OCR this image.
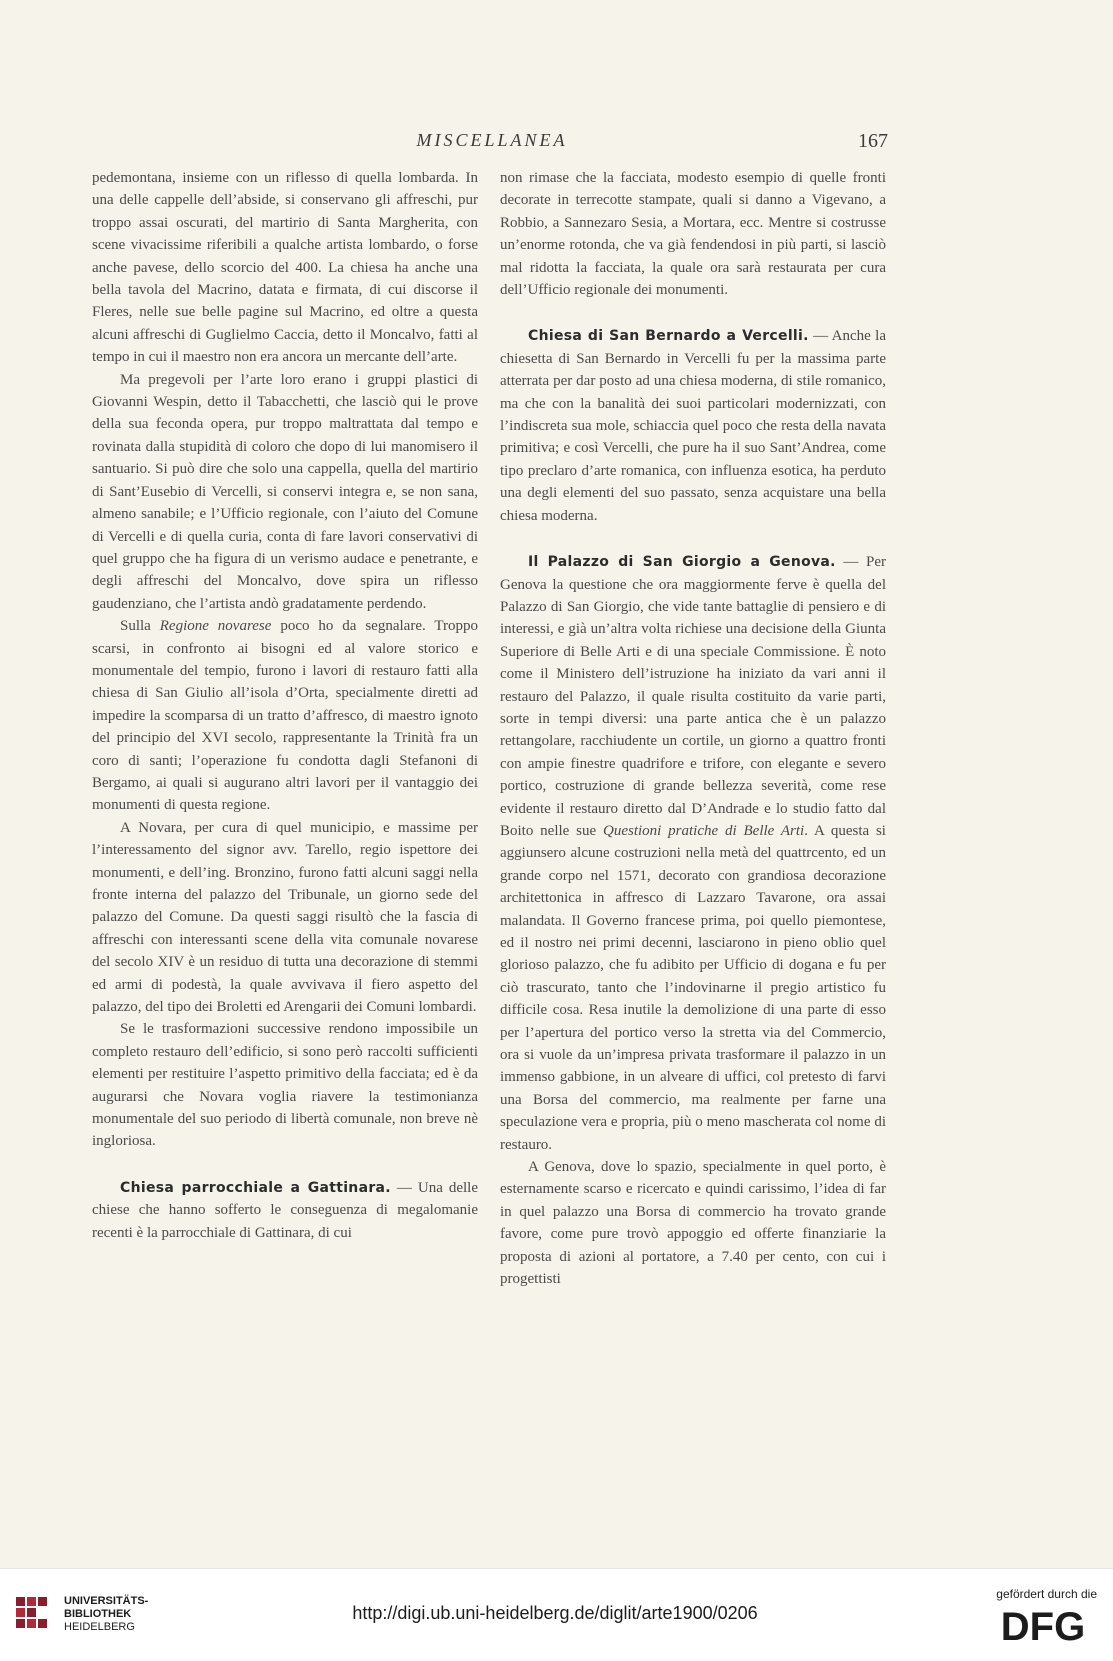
MISCELLANEA	167

pedemontana, insieme con un riflesso di quella lombarda. In una delle cappelle dell’abside, si conservano gli affreschi, pur troppo assai oscurati, del martirio di Santa Margherita, con scene vivacissime riferibili a qualche artista lombardo, o forse anche pavese, dello scorcio del 400. La chiesa ha anche una bella tavola del Macrino, datata e firmata, di cui discorse il Fleres, nelle sue belle pagine sul Macrino, ed oltre a questa alcuni affreschi di Guglielmo Caccia, detto il Moncalvo, fatti al tempo in cui il maestro non era ancora un mercante dell’arte.

Ma pregevoli per l’arte loro erano i gruppi plastici di Giovanni Wespin, detto il Tabacchetti, che lasciò qui le prove della sua feconda opera, pur troppo maltrattata dal tempo e rovinata dalla stupidità di coloro che dopo di lui manomisero il santuario. Si può dire che solo una cappella, quella del martirio di Sant’Eusebio di Vercelli, si conservi integra e, se non sana, almeno sanabile; e l’Ufficio regionale, con l’aiuto del Comune di Vercelli e di quella curia, conta di fare lavori conservativi di quel gruppo che ha figura di un verismo audace e penetrante, e degli affreschi del Moncalvo, dove spira un riflesso gaudenziano, che l’artista andò gradatamente perdendo.

Sulla Regione novarese poco ho da segnalare. Troppo scarsi, in confronto ai bisogni ed al valore storico e monumentale del tempio, furono i lavori di restauro fatti alla chiesa di San Giulio all’isola d’Orta, specialmente diretti ad impedire la scomparsa di un tratto d’affresco, di maestro ignoto del principio del XVI secolo, rappresentante la Trinità fra un coro di santi; l’operazione fu condotta dagli Stefanoni di Bergamo, ai quali si augurano altri lavori per il vantaggio dei monumenti di questa regione.

A Novara, per cura di quel municipio, e massime per l’interessamento del signor avv. Tarello, regio ispettore dei monumenti, e dell’ing. Bronzino, furono fatti alcuni saggi nella fronte interna del palazzo del Tribunale, un giorno sede del palazzo del Comune. Da questi saggi risultò che la fascia di affreschi con interessanti scene della vita comunale novarese del secolo XIV è un residuo di tutta una decorazione di stemmi ed armi di podestà, la quale avvivava il fiero aspetto del palazzo, del tipo dei Broletti ed Arengarii dei Comuni lombardi.

Se le trasformazioni successive rendono impossibile un completo restauro dell’edificio, si sono però raccolti sufficienti elementi per restituire l’aspetto primitivo della facciata; ed è da augurarsi che Novara voglia riavere la testimonianza monumentale del suo periodo di libertà comunale, non breve nè ingloriosa.

Chiesa parrocchiale a Gattinara. — Una delle chiese che hanno sofferto le conseguenza di megalomanie recenti è la parrocchiale di Gattinara, di cui

non rimase che la facciata, modesto esempio di quelle fronti decorate in terrecotte stampate, quali si danno a Vigevano, a Robbio, a Sannezaro Sesia, a Mortara, ecc. Mentre si costrusse un’enorme rotonda, che va già fendendosi in più parti, si lasciò mal ridotta la facciata, la quale ora sarà restaurata per cura dell’Ufficio regionale dei monumenti.

Chiesa di San Bernardo a Vercelli. — Anche la chiesetta di San Bernardo in Vercelli fu per la massima parte atterrata per dar posto ad una chiesa moderna, di stile romanico, ma che con la banalità dei suoi particolari modernizzati, con l’indiscreta sua mole, schiaccia quel poco che resta della navata primitiva; e così Vercelli, che pure ha il suo Sant’Andrea, come tipo preclaro d’arte romanica, con influenza esotica, ha perduto una degli elementi del suo passato, senza acquistare una bella chiesa moderna.

Il Palazzo di San Giorgio a Genova. — Per Genova la questione che ora maggiormente ferve è quella del Palazzo di San Giorgio, che vide tante battaglie di pensiero e di interessi, e già un’altra volta richiese una decisione della Giunta Superiore di Belle Arti e di una speciale Commissione. È noto come il Ministero dell’istruzione ha iniziato da vari anni il restauro del Palazzo, il quale risulta costituito da varie parti, sorte in tempi diversi: una parte antica che è un palazzo rettangolare, racchiudente un cortile, un giorno a quattro fronti con ampie finestre quadrifore e trifore, con elegante e severo portico, costruzione di grande bellezza severità, come rese evidente il restauro diretto dal D’Andrade e lo studio fatto dal Boito nelle sue Questioni pratiche di Belle Arti. A questa si aggiunsero alcune costruzioni nella metà del quattrcento, ed un grande corpo nel 1571, decorato con grandiosa decorazione architettonica in affresco di Lazzaro Tavarone, ora assai malandata. Il Governo francese prima, poi quello piemontese, ed il nostro nei primi decenni, lasciarono in pieno oblio quel glorioso palazzo, che fu adibito per Ufficio di dogana e fu per ciò trascurato, tanto che l’indovinarne il pregio artistico fu difficile cosa. Resa inutile la demolizione di una parte di esso per l’apertura del portico verso la stretta via del Commercio, ora si vuole da un’impresa privata trasformare il palazzo in un immenso gabbione, in un alveare di uffici, col pretesto di farvi una Borsa del commercio, ma realmente per farne una speculazione vera e propria, più o meno mascherata col nome di restauro.

A Genova, dove lo spazio, specialmente in quel porto, è esternamente scarso e ricercato e quindi carissimo, l’idea di far in quel palazzo una Borsa di commercio ha trovato grande favore, come pure trovò appoggio ed offerte finanziarie la proposta di azioni al portatore, a 7.40 per cento, con cui i progettisti

UNIVERSITÄTS-
BIBLIOTHEK
HEIDELBERG
http://digi.ub.uni-heidelberg.de/diglit/arte1900/0206
gefördert durch die
DFG
